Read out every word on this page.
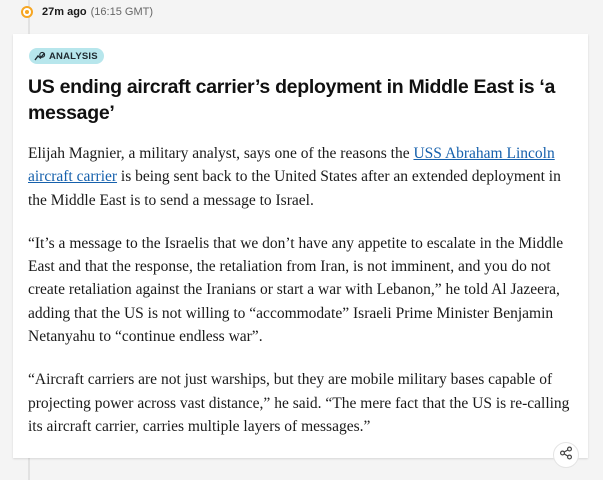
27m ago (16:15 GMT)
ANALYSIS
US ending aircraft carrier’s deployment in Middle East is ‘a message’

Elijah Magnier, a military analyst, says one of the reasons the USS Abraham Lincoln aircraft carrier is being sent back to the United States after an extended deployment in the Middle East is to send a message to Israel.

“It’s a message to the Israelis that we don’t have any appetite to escalate in the Middle East and that the response, the retaliation from Iran, is not imminent, and you do not create retaliation against the Iranians or start a war with Lebanon,” he told Al Jazeera, adding that the US is not willing to “accommodate” Israeli Prime Minister Benjamin Netanyahu to “continue endless war”.

“Aircraft carriers are not just warships, but they are mobile military bases capable of projecting power across vast distance,” he said. “The mere fact that the US is re-calling its aircraft carrier, carries multiple layers of messages.”
